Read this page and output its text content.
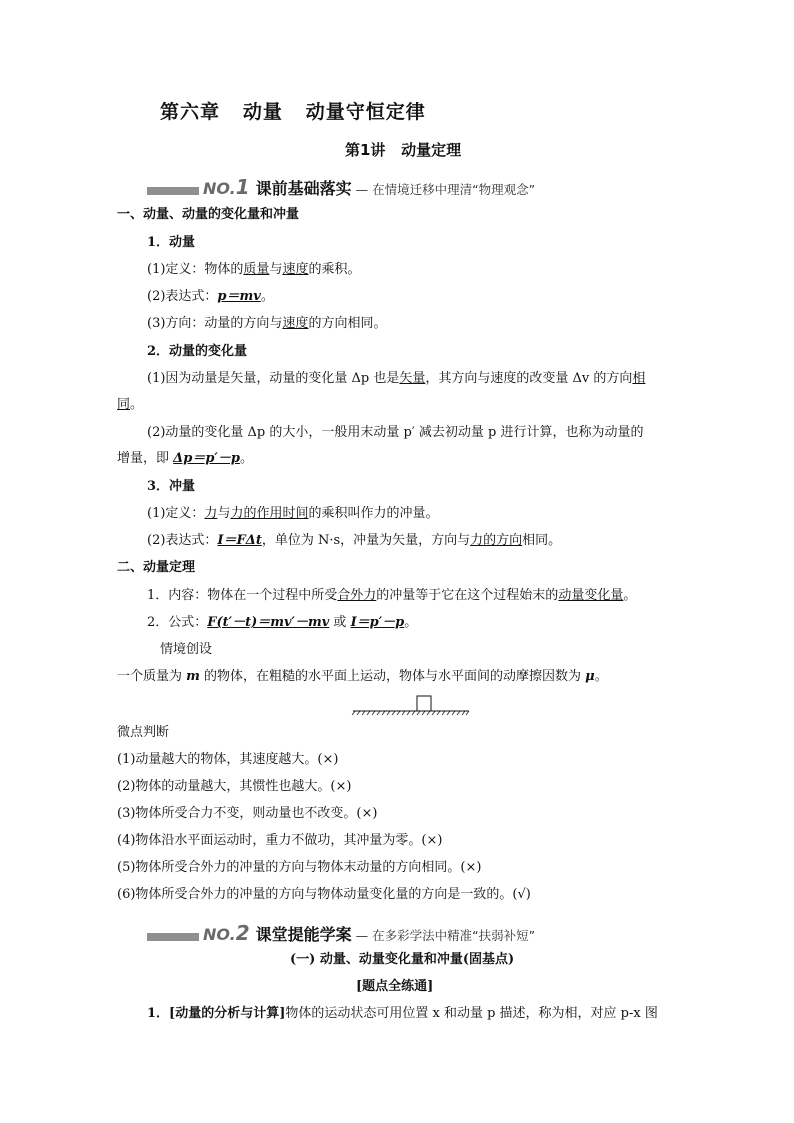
第六章 动量 动量守恒定律
第1讲 动量定理
NO.1 课前基础落实 — 在情境迁移中理清“物理观念”
一、动量、动量的变化量和冲量
1．动量
(1)定义：物体的质量与速度的乘积。
(2)表达式：p＝mv。
(3)方向：动量的方向与速度的方向相同。
2．动量的变化量
(1)因为动量是矢量，动量的变化量 Δp 也是矢量，其方向与速度的改变量 Δv 的方向相
同。
(2)动量的变化量 Δp 的大小，一般用末动量 p′ 减去初动量 p 进行计算，也称为动量的
增量，即 Δp＝p′－p。
3．冲量
(1)定义：力与力的作用时间的乘积叫作力的冲量。
(2)表达式：I＝FΔt，单位为 N·s，冲量为矢量，方向与力的方向相同。
二、动量定理
1．内容：物体在一个过程中所受合外力的冲量等于它在这个过程始末的动量变化量。
2．公式：F(t′－t)＝mv′－mv 或 I＝p′－p。
情境创设
一个质量为 m 的物体，在粗糙的水平面上运动，物体与水平面间的动摩擦因数为 μ。
微点判断
(1)动量越大的物体，其速度越大。(×)
(2)物体的动量越大，其惯性也越大。(×)
(3)物体所受合力不变，则动量也不改变。(×)
(4)物体沿水平面运动时，重力不做功，其冲量为零。(×)
(5)物体所受合外力的冲量的方向与物体末动量的方向相同。(×)
(6)物体所受合外力的冲量的方向与物体动量变化量的方向是一致的。(√)
NO.2 课堂提能学案 — 在多彩学法中精准“扶弱补短”
(一) 动量、动量变化量和冲量(固基点)
[题点全练通]
1．[动量的分析与计算]物体的运动状态可用位置 x 和动量 p 描述，称为相，对应 p-x 图
